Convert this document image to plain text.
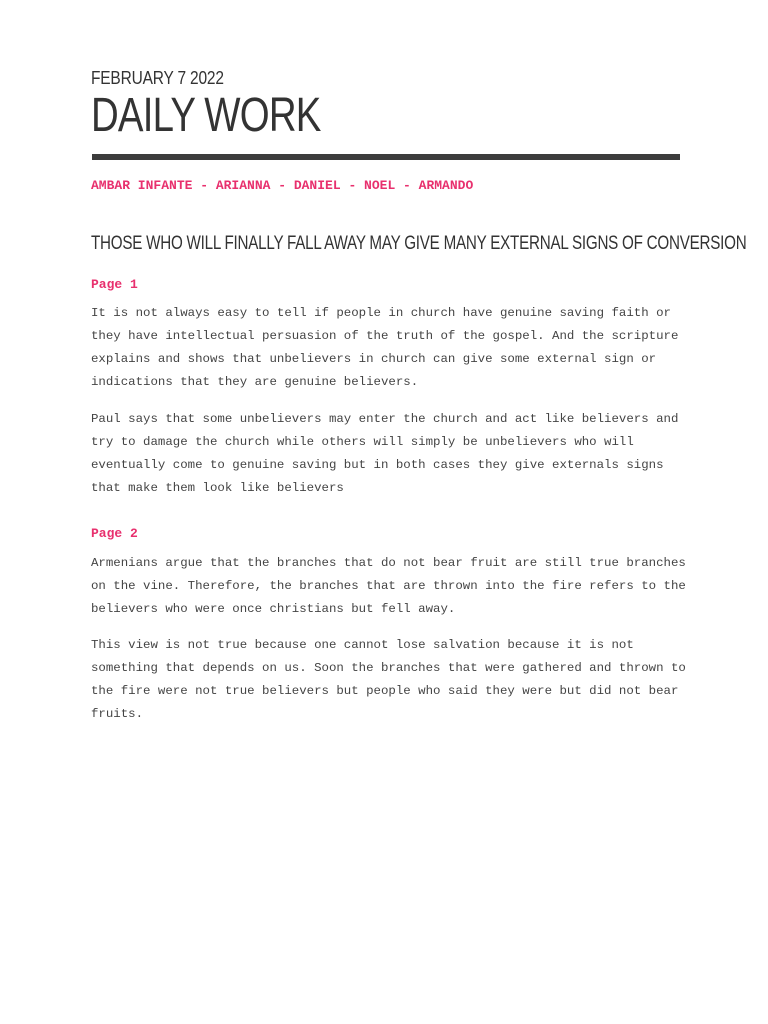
FEBRUARY 7 2022
DAILY WORK
AMBAR INFANTE - ARIANNA - DANIEL - NOEL - ARMANDO
THOSE WHO WILL FINALLY FALL AWAY MAY GIVE MANY EXTERNAL SIGNS OF CONVERSION
Page 1

It is not always easy to tell if people in church have genuine saving faith or they have intellectual persuasion of the truth of the gospel. And the scripture explains and shows that unbelievers in church can give some external sign or indications that they are genuine believers.

Paul says that some unbelievers may enter the church and act like believers and try to damage the church while others will simply be unbelievers who will eventually come to genuine saving but in both cases they give externals signs that make them look like believers

Page 2

Armenians argue that the branches that do not bear fruit are still true branches on the vine. Therefore, the branches that are thrown into the fire refers to the believers who were once christians but fell away.

This view is not true because one cannot lose salvation because it is not something that depends on us. Soon the branches that were gathered and thrown to the fire were not true believers but people who said they were but did not bear fruits.
